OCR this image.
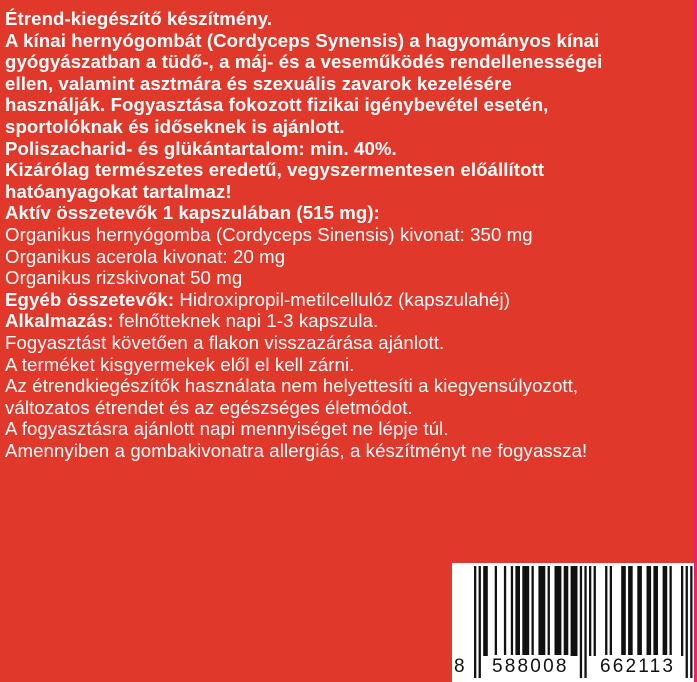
Étrend-kiegészítő készítmény.
A kínai hernyógombát (Cordyceps Synensis) a hagyományos kínai
gyógyászatban a tüdő-, a máj- és a veseműködés rendellenességei
ellen, valamint asztmára és szexuális zavarok kezelésére
használják. Fogyasztása fokozott fizikai igénybevétel esetén,
sportolóknak és időseknek is ajánlott.
Poliszacharid- és glükántartalom: min. 40%.
Kizárólag természetes eredetű, vegyszermentesen előállított
hatóanyagokat tartalmaz!
Aktív összetevők 1 kapszulában (515 mg):
Organikus hernyógomba (Cordyceps Sinensis) kivonat: 350 mg
Organikus acerola kivonat: 20 mg
Organikus rizskivonat 50 mg
Egyéb összetevők: Hidroxipropil-metilcellulóz (kapszulahéj)
Alkalmazás: felnőtteknek napi 1-3 kapszula.
Fogyasztást követően a flakon visszazárása ajánlott.
A terméket kisgyermekek elől el kell zárni.
Az étrendkiegészítők használata nem helyettesíti a kiegyensúlyozott,
változatos étrendet és az egészséges életmódot.
A fogyasztásra ajánlott napi mennyiséget ne lépje túl.
Amennyiben a gombakivonatra allergiás, a készítményt ne fogyassza!
8 588008 662113
